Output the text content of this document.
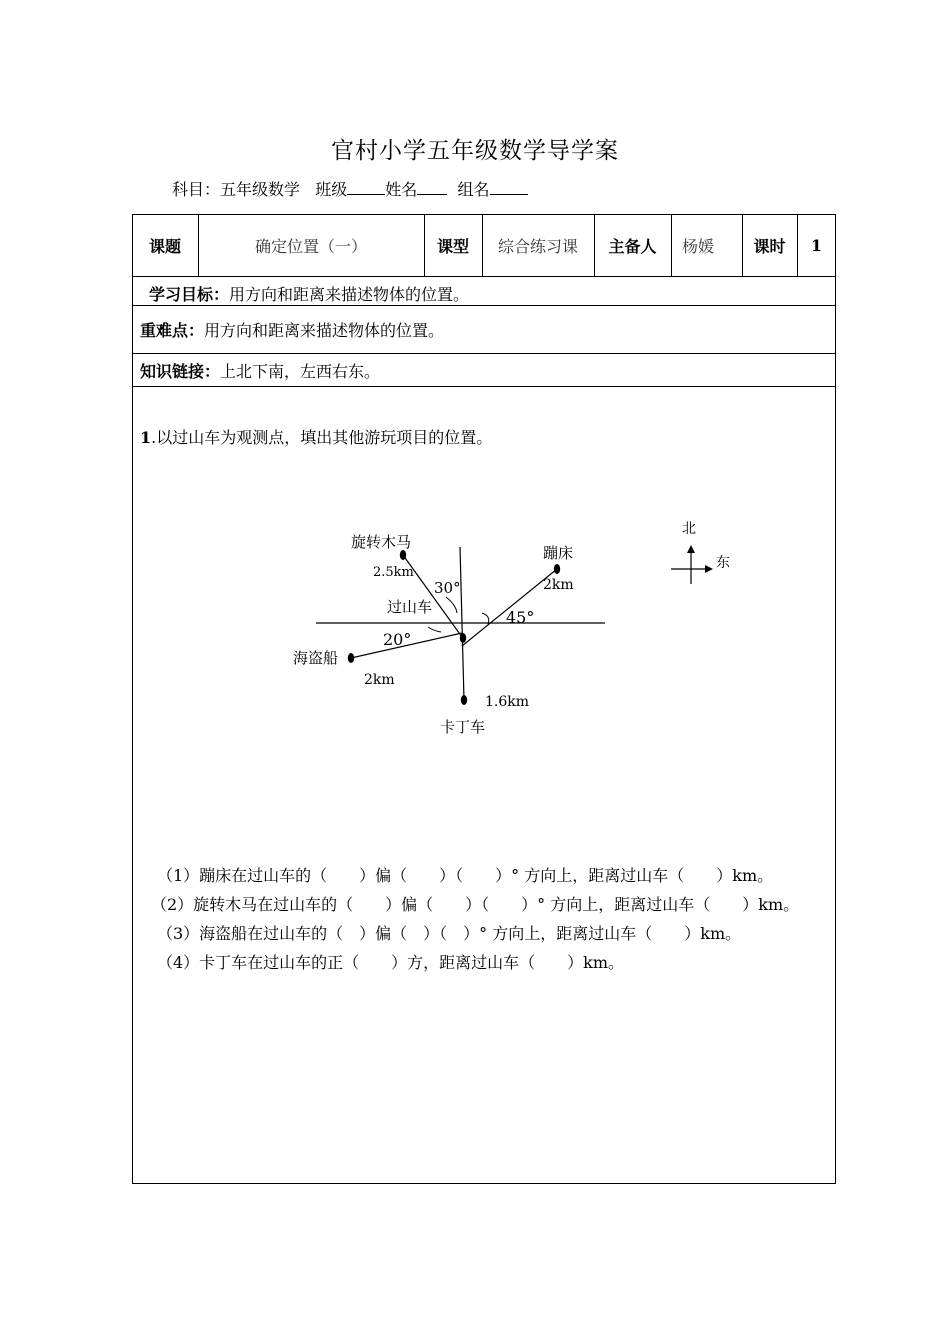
官村小学五年级数学导学案
科目：五年级数学 班级 姓名	组名
课题	确定位置（一）	课型	综合练习课	主备人	杨媛	课时	1
学习目标：用方向和距离来描述物体的位置。
重难点：用方向和距离来描述物体的位置。
知识链接：上北下南，左西右东。
1.以过山车为观测点，填出其他游玩项目的位置。
北
东
旋转木马
2.5km
30°
蹦床
2km
45°
过山车
海盗船
2km
20°
1.6km
卡丁车
（1）蹦床在过山车的（　　）偏（　　）（　　）° 方向上，距离过山车（　　）km。
（2）旋转木马在过山车的（　　）偏（　　）（　　）° 方向上，距离过山车（　　）km。
（3）海盗船在过山车的（　）偏（　）（　）° 方向上，距离过山车（　　）km。
（4）卡丁车在过山车的正（　　）方，距离过山车（　　）km。
